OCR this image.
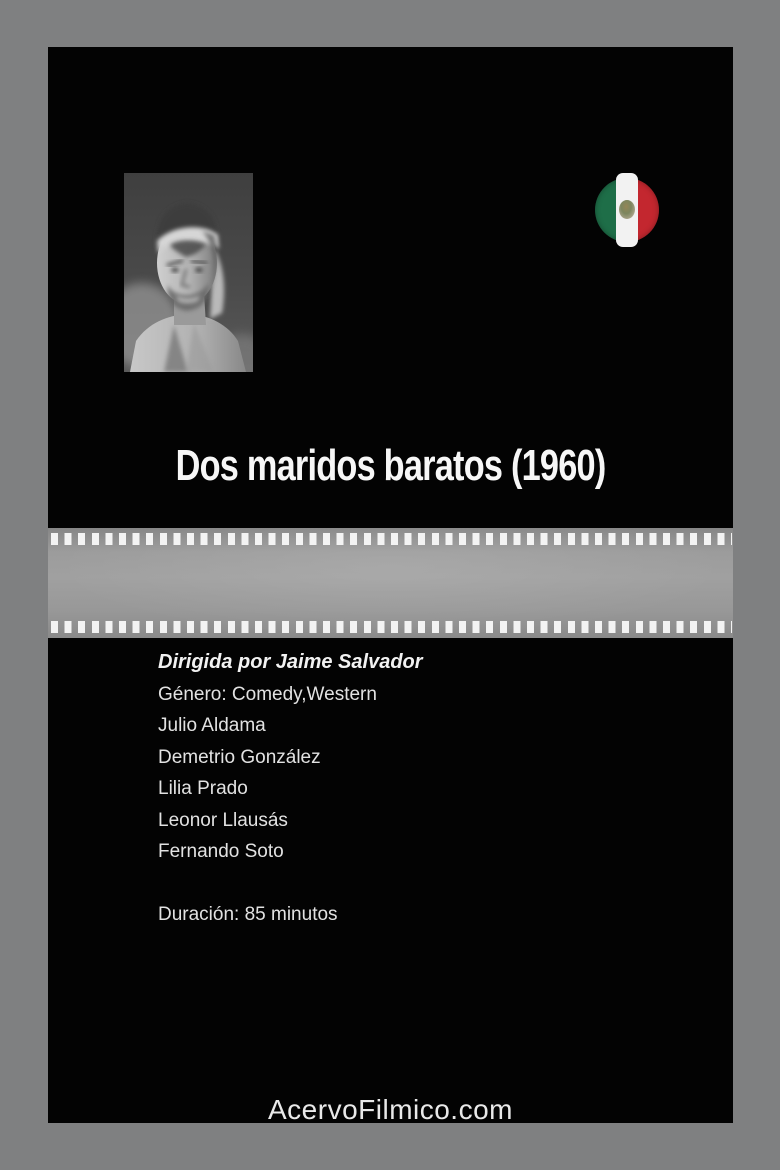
Dos maridos baratos (1960)
Dirigida por Jaime Salvador
Género: Comedy,Western
Julio Aldama
Demetrio González
Lilia Prado
Leonor Llausás
Fernando Soto
Duración: 85 minutos
AcervoFilmico.com
